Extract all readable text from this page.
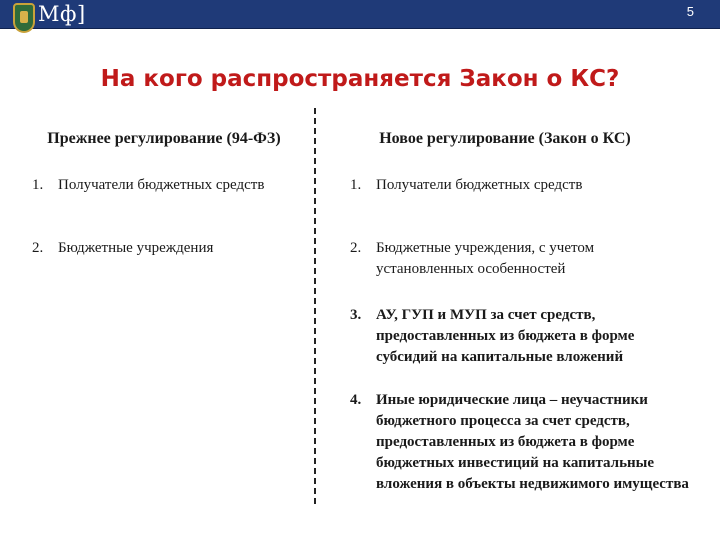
Мф]	5
На кого распространяется Закон о КС?
Прежнее регулирование (94-ФЗ)
1. Получатели бюджетных средств
2. Бюджетные учреждения
Новое регулирование (Закон о КС)
1. Получатели бюджетных средств
2. Бюджетные учреждения, с учетом установленных особенностей
3. АУ, ГУП и МУП за счет средств, предоставленных из бюджета в форме субсидий на капитальные вложений
4. Иные юридические лица – неучастники бюджетного процесса за счет средств, предоставленных из бюджета в форме бюджетных инвестиций на капитальные вложения в объекты недвижимого имущества
